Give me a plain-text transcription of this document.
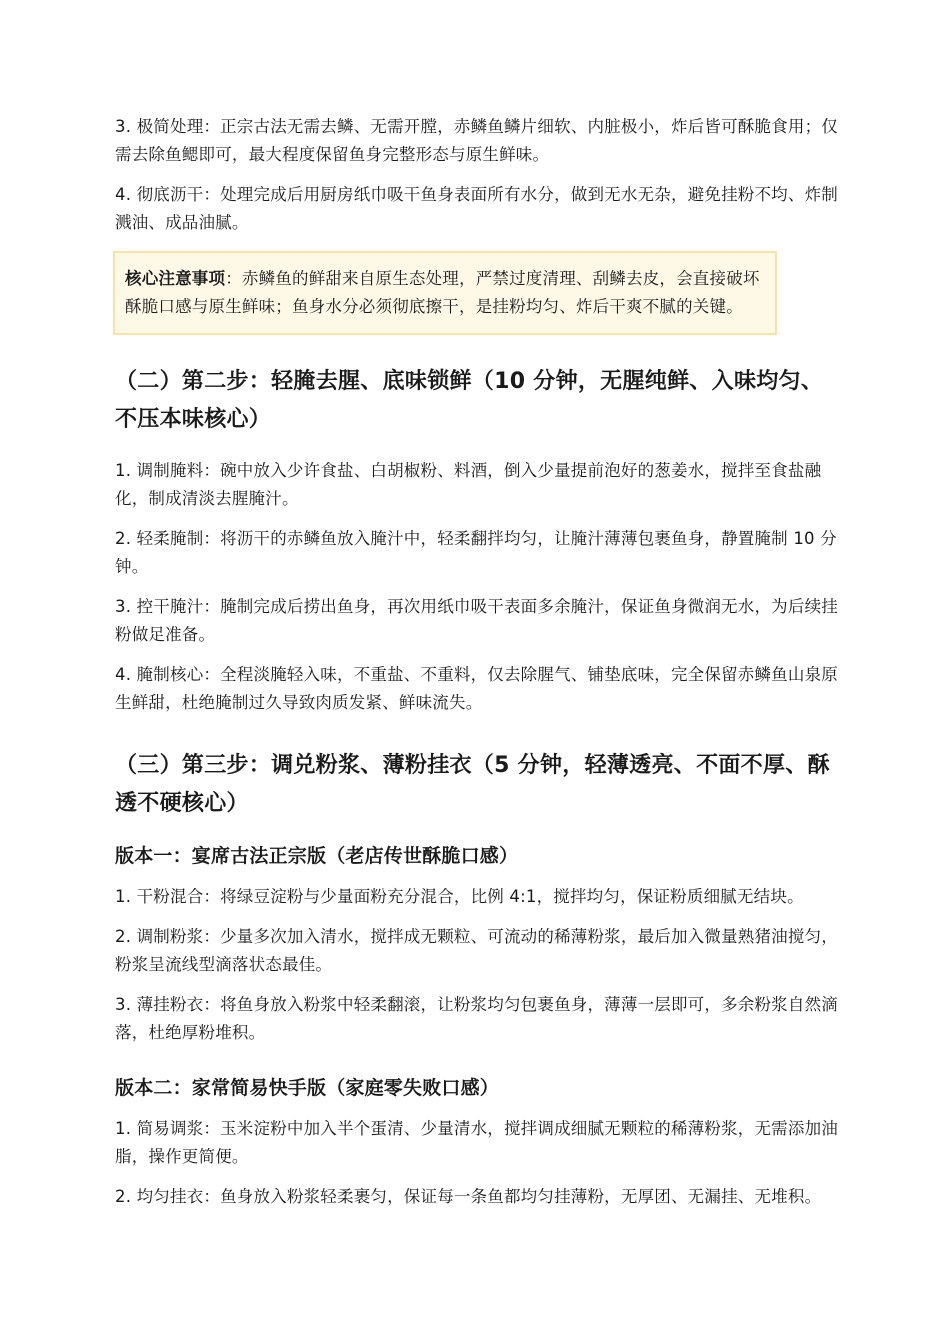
3. 极简处理：正宗古法无需去鳞、无需开膛，赤鳞鱼鳞片细软、内脏极小，炸后皆可酥脆食用；仅需去除鱼鳃即可，最大程度保留鱼身完整形态与原生鲜味。

4. 彻底沥干：处理完成后用厨房纸巾吸干鱼身表面所有水分，做到无水无杂，避免挂粉不均、炸制溅油、成品油腻。

核心注意事项：赤鳞鱼的鲜甜来自原生态处理，严禁过度清理、刮鳞去皮，会直接破坏酥脆口感与原生鲜味；鱼身水分必须彻底擦干，是挂粉均匀、炸后干爽不腻的关键。
（二）第二步：轻腌去腥、底味锁鲜（10 分钟，无腥纯鲜、入味均匀、不压本味核心）

1. 调制腌料：碗中放入少许食盐、白胡椒粉、料酒，倒入少量提前泡好的葱姜水，搅拌至食盐融化，制成清淡去腥腌汁。

2. 轻柔腌制：将沥干的赤鳞鱼放入腌汁中，轻柔翻拌均匀，让腌汁薄薄包裹鱼身，静置腌制 10 分钟。

3. 控干腌汁：腌制完成后捞出鱼身，再次用纸巾吸干表面多余腌汁，保证鱼身微润无水，为后续挂粉做足准备。

4. 腌制核心：全程淡腌轻入味，不重盐、不重料，仅去除腥气、铺垫底味，完全保留赤鳞鱼山泉原生鲜甜，杜绝腌制过久导致肉质发紧、鲜味流失。

（三）第三步：调兑粉浆、薄粉挂衣（5 分钟，轻薄透亮、不面不厚、酥透不硬核心）
版本一：宴席古法正宗版（老店传世酥脆口感）

1. 干粉混合：将绿豆淀粉与少量面粉充分混合，比例 4:1，搅拌均匀，保证粉质细腻无结块。

2. 调制粉浆：少量多次加入清水，搅拌成无颗粒、可流动的稀薄粉浆，最后加入微量熟猪油搅匀，粉浆呈流线型滴落状态最佳。

3. 薄挂粉衣：将鱼身放入粉浆中轻柔翻滚，让粉浆均匀包裹鱼身，薄薄一层即可，多余粉浆自然滴落，杜绝厚粉堆积。

版本二：家常简易快手版（家庭零失败口感）

1. 简易调浆：玉米淀粉中加入半个蛋清、少量清水，搅拌调成细腻无颗粒的稀薄粉浆，无需添加油脂，操作更简便。

2. 均匀挂衣：鱼身放入粉浆轻柔裹匀，保证每一条鱼都均匀挂薄粉，无厚团、无漏挂、无堆积。
